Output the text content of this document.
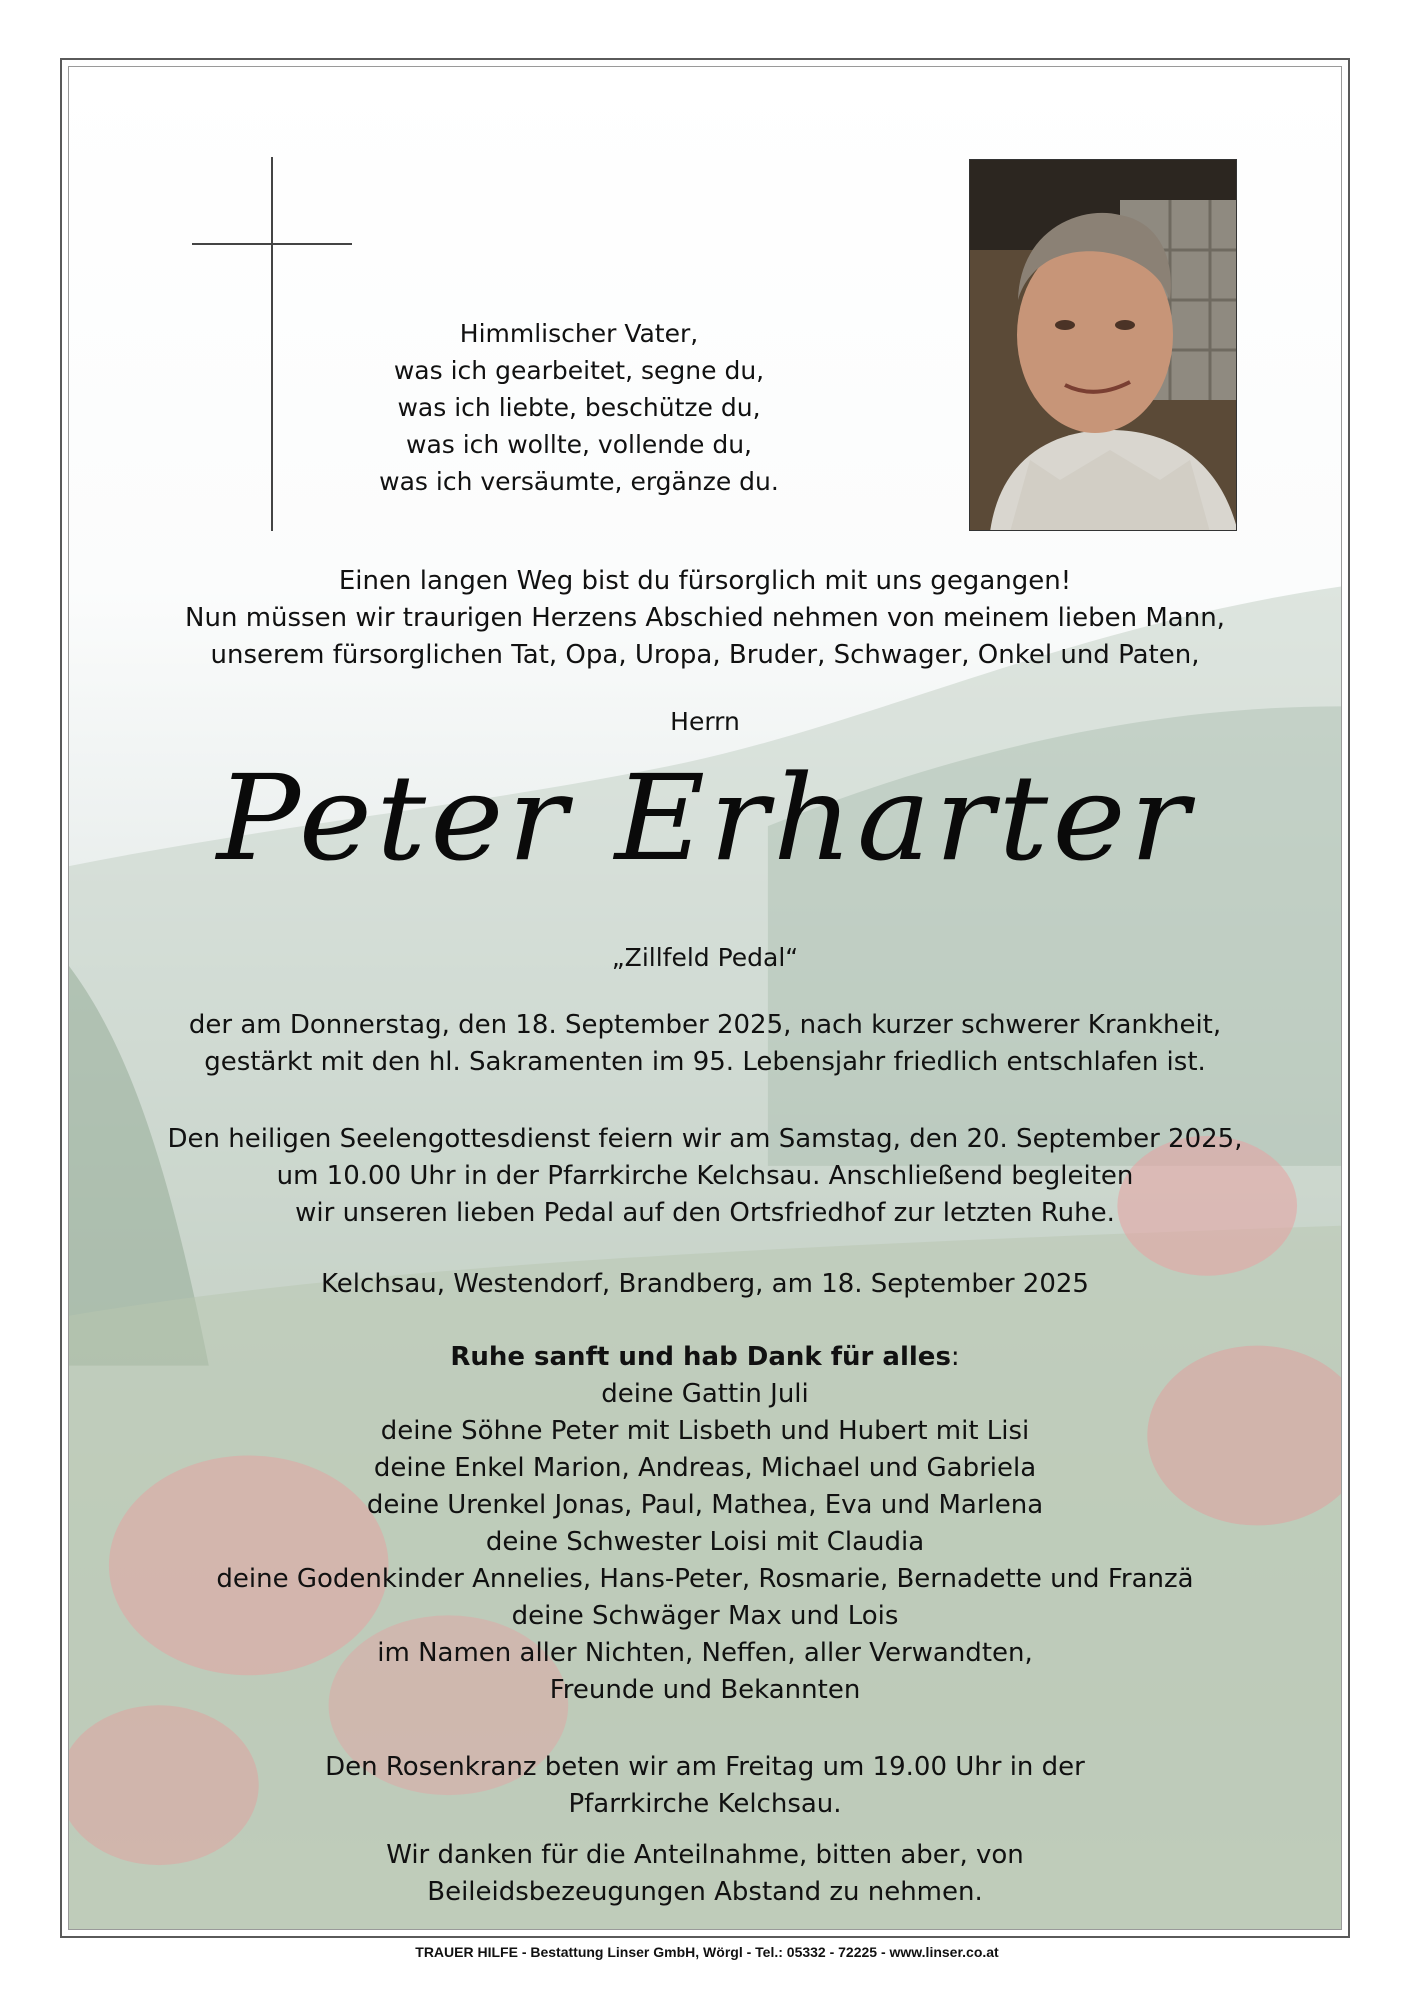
Himmlischer Vater,
was ich gearbeitet, segne du,
was ich liebte, beschütze du,
was ich wollte, vollende du,
was ich versäumte, ergänze du.
Einen langen Weg bist du fürsorglich mit uns gegangen!
Nun müssen wir traurigen Herzens Abschied nehmen von meinem lieben Mann,
unserem fürsorglichen Tat, Opa, Uropa, Bruder, Schwager, Onkel und Paten,
Herrn
Peter Erharter
„Zillfeld Pedal“
der am Donnerstag, den 18. September 2025, nach kurzer schwerer Krankheit,
gestärkt mit den hl. Sakramenten im 95. Lebensjahr friedlich entschlafen ist.
Den heiligen Seelengottesdienst feiern wir am Samstag, den 20. September 2025,
um 10.00 Uhr in der Pfarrkirche Kelchsau. Anschließend begleiten
wir unseren lieben Pedal auf den Ortsfriedhof zur letzten Ruhe.
Kelchsau, Westendorf, Brandberg, am 18. September 2025
Ruhe sanft und hab Dank für alles:
deine Gattin Juli
deine Söhne Peter mit Lisbeth und Hubert mit Lisi
deine Enkel Marion, Andreas, Michael und Gabriela
deine Urenkel Jonas, Paul, Mathea, Eva und Marlena
deine Schwester Loisi mit Claudia
deine Godenkinder Annelies, Hans-Peter, Rosmarie, Bernadette und Franzä
deine Schwäger Max und Lois
im Namen aller Nichten, Neffen, aller Verwandten,
Freunde und Bekannten
Den Rosenkranz beten wir am Freitag um 19.00 Uhr in der
Pfarrkirche Kelchsau.
Wir danken für die Anteilnahme, bitten aber, von
Beileidsbezeugungen Abstand zu nehmen.
TRAUER HILFE - Bestattung Linser GmbH, Wörgl - Tel.: 05332 - 72225 - www.linser.co.at
